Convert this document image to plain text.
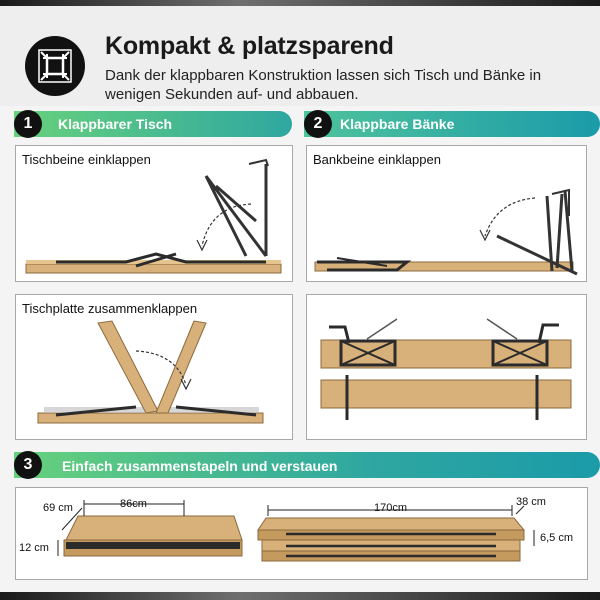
Kompakt & platzsparend
Dank der klappbaren Konstruktion lassen sich Tisch und Bänke in wenigen Sekunden auf- und abbauen.
1	Klappbarer Tisch	2	Klappbare Bänke
Tischbeine einklappen	Bankbeine einklappen
Tischplatte zusammenklappen
3	Einfach zusammenstapeln und verstauen
69 cm	86cm
12 cm
170cm	38 cm
6,5 cm
